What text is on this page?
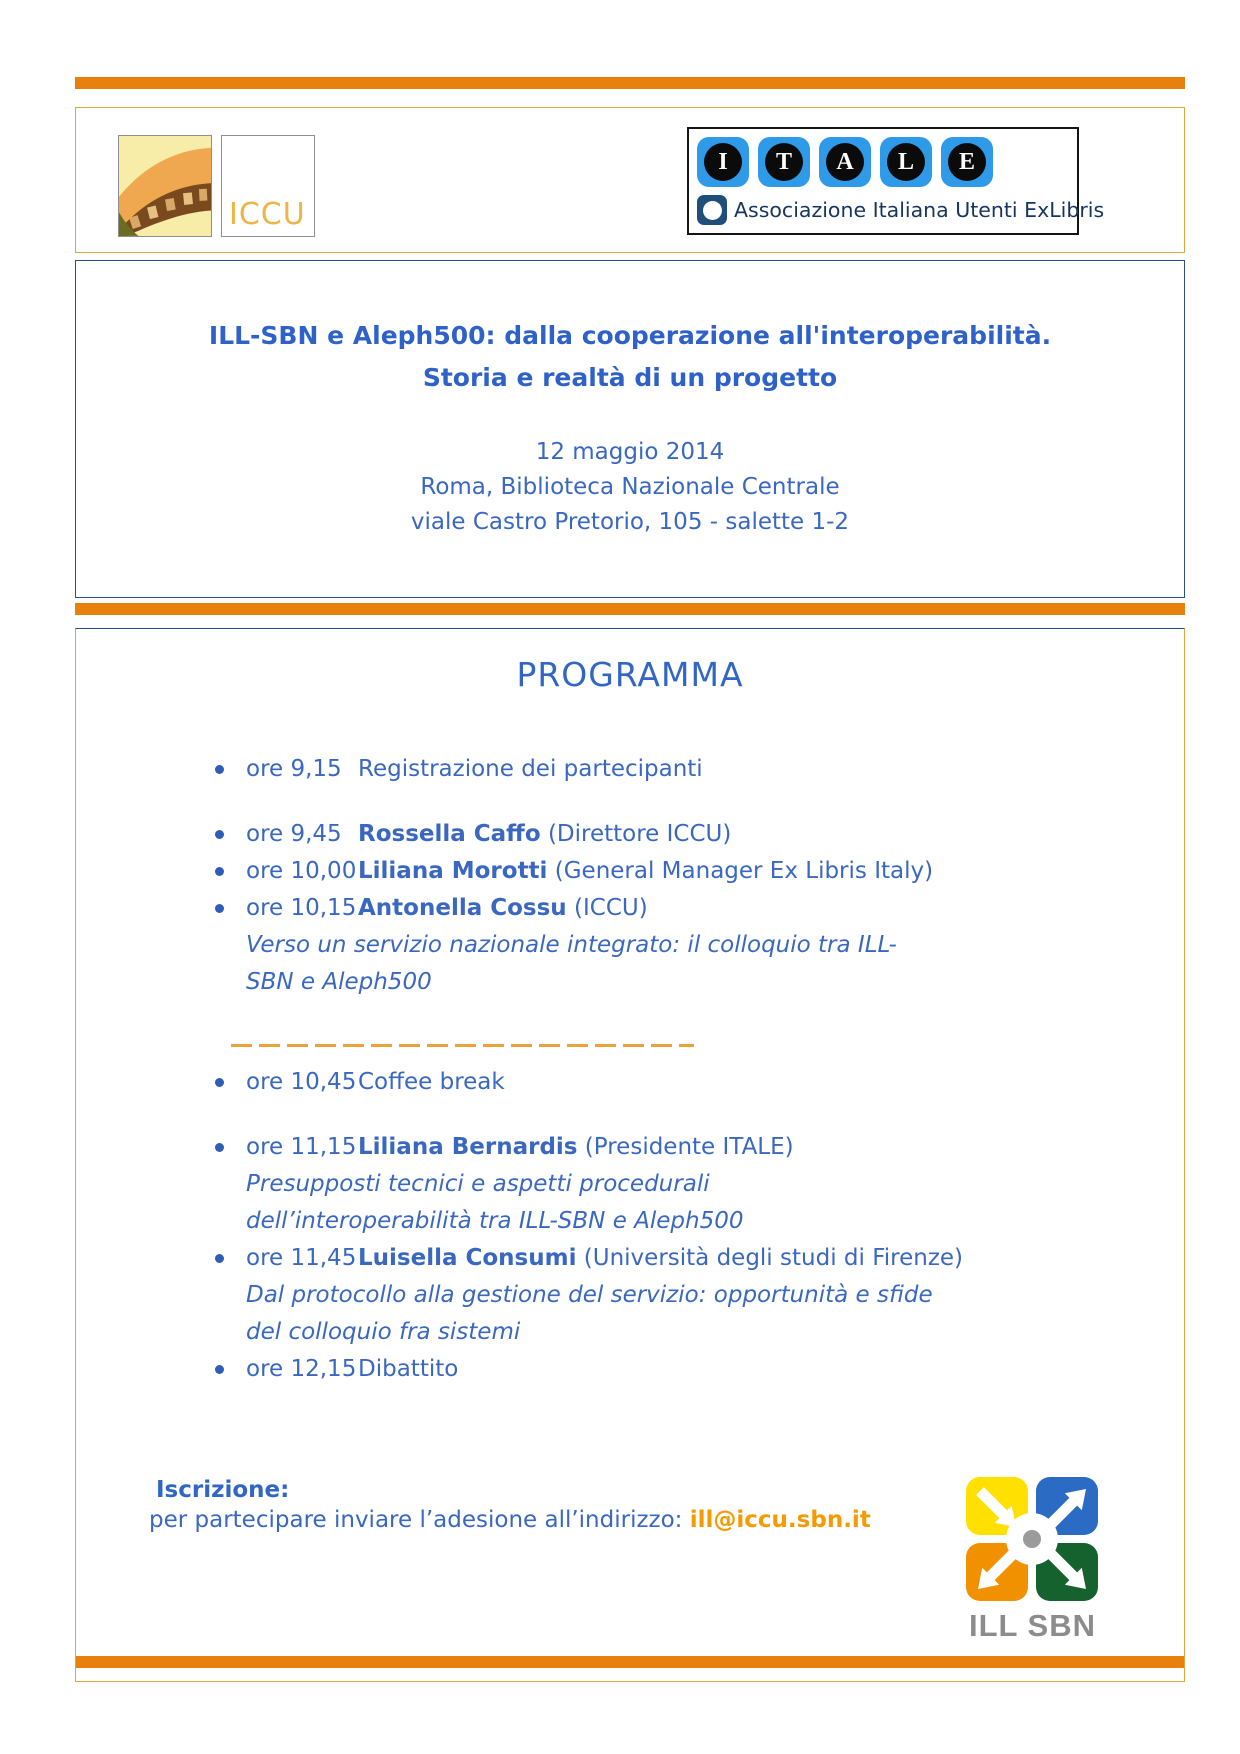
ICCU
I	T	A	L	E
Associazione Italiana Utenti ExLibris
ILL-SBN e Aleph500: dalla cooperazione all'interoperabilità.
Storia e realtà di un progetto
12 maggio 2014
Roma, Biblioteca Nazionale Centrale
viale Castro Pretorio, 105 - salette 1-2
PROGRAMMA
ore 9,15 Registrazione dei partecipanti
ore 9,45 Rossella Caffo (Direttore ICCU)
ore 10,00 Liliana Morotti (General Manager Ex Libris Italy)
ore 10,15 Antonella Cossu (ICCU)
Verso un servizio nazionale integrato: il colloquio tra ILL-SBN e Aleph500
ore 10,45 Coffee break
ore 11,15 Liliana Bernardis (Presidente ITALE)
Presupposti tecnici e aspetti procedurali dell’interoperabilità tra ILL-SBN e Aleph500
ore 11,45 Luisella Consumi (Università degli studi di Firenze)
Dal protocollo alla gestione del servizio: opportunità e sfide del colloquio fra sistemi
ore 12,15 Dibattito
Iscrizione:
per partecipare inviare l’adesione all’indirizzo: ill@iccu.sbn.it
ILL SBN
